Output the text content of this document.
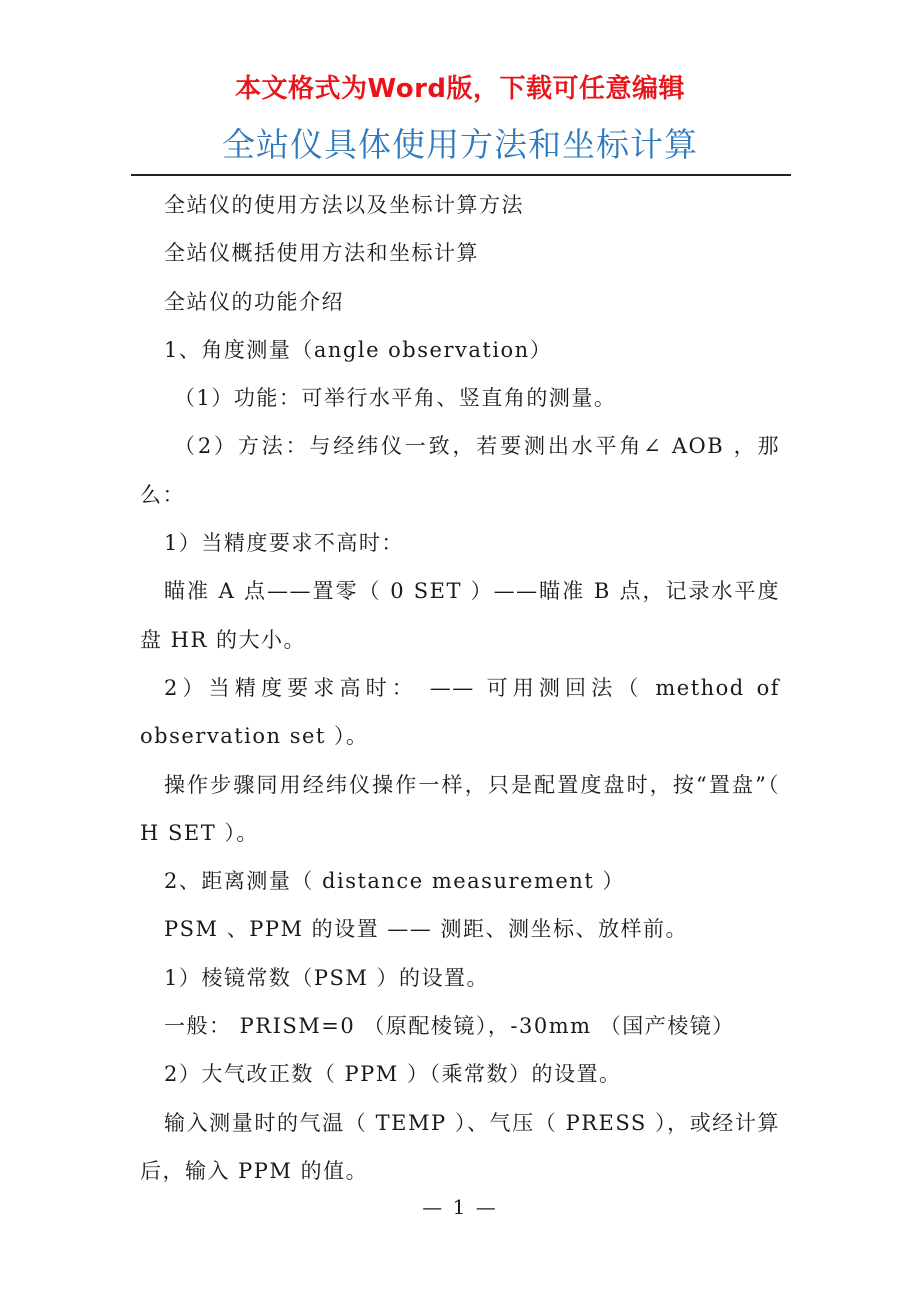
本文格式为Word版，下载可任意编辑
全站仪具体使用方法和坐标计算

全站仪的使用方法以及坐标计算方法

全站仪概括使用方法和坐标计算

全站仪的功能介绍

1、角度测量（angle observation）

（1）功能：可举行水平角、竖直角的测量。

（2）方法：与经纬仪一致，若要测出水平角∠ AOB ，那么：

1）当精度要求不高时：

瞄准 A 点——置零（ 0 SET ）——瞄准 B 点，记录水平度盘 HR 的大小。

2）当精度要求高时： —— 可用测回法（ method of observation set ）。

操作步骤同用经纬仪操作一样，只是配置度盘时，按“置盘”（ H SET ）。

2、距离测量（ distance measurement ）

PSM 、PPM 的设置 —— 测距、测坐标、放样前。

1）棱镜常数（PSM ）的设置。

一般： PRISM=0 （原配棱镜），-30mm （国产棱镜）

2）大气改正数（ PPM ）（乘常数）的设置。

输入测量时的气温（ TEMP ）、气压（ PRESS ），或经计算后，输入 PPM 的值。

— 1 —
